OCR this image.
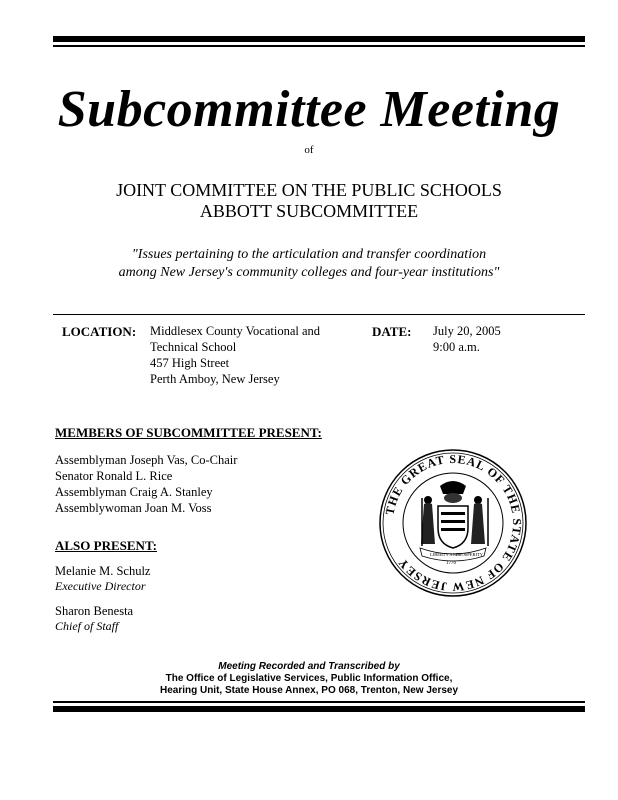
Subcommittee Meeting
of
JOINT COMMITTEE ON THE PUBLIC SCHOOLS
ABBOTT SUBCOMMITTEE
"Issues pertaining to the articulation and transfer coordination
among New Jersey's community colleges and four-year institutions"
LOCATION: Middlesex County Vocational and
Technical School
457 High Street
Perth Amboy, New Jersey
DATE: July 20, 2005
9:00 a.m.
MEMBERS OF SUBCOMMITTEE PRESENT:
Assemblyman Joseph Vas, Co-Chair
Senator Ronald L. Rice
Assemblyman Craig A. Stanley
Assemblywoman Joan M. Voss
ALSO PRESENT:
Melanie M. Schulz
Executive Director
Sharon Benesta
Chief of Staff
THE GREAT SEAL OF THE STATE OF NEW JERSEY
LIBERTY AND
PROSPERITY
1776
Meeting Recorded and Transcribed by
The Office of Legislative Services, Public Information Office,
Hearing Unit, State House Annex, PO 068, Trenton, New Jersey
